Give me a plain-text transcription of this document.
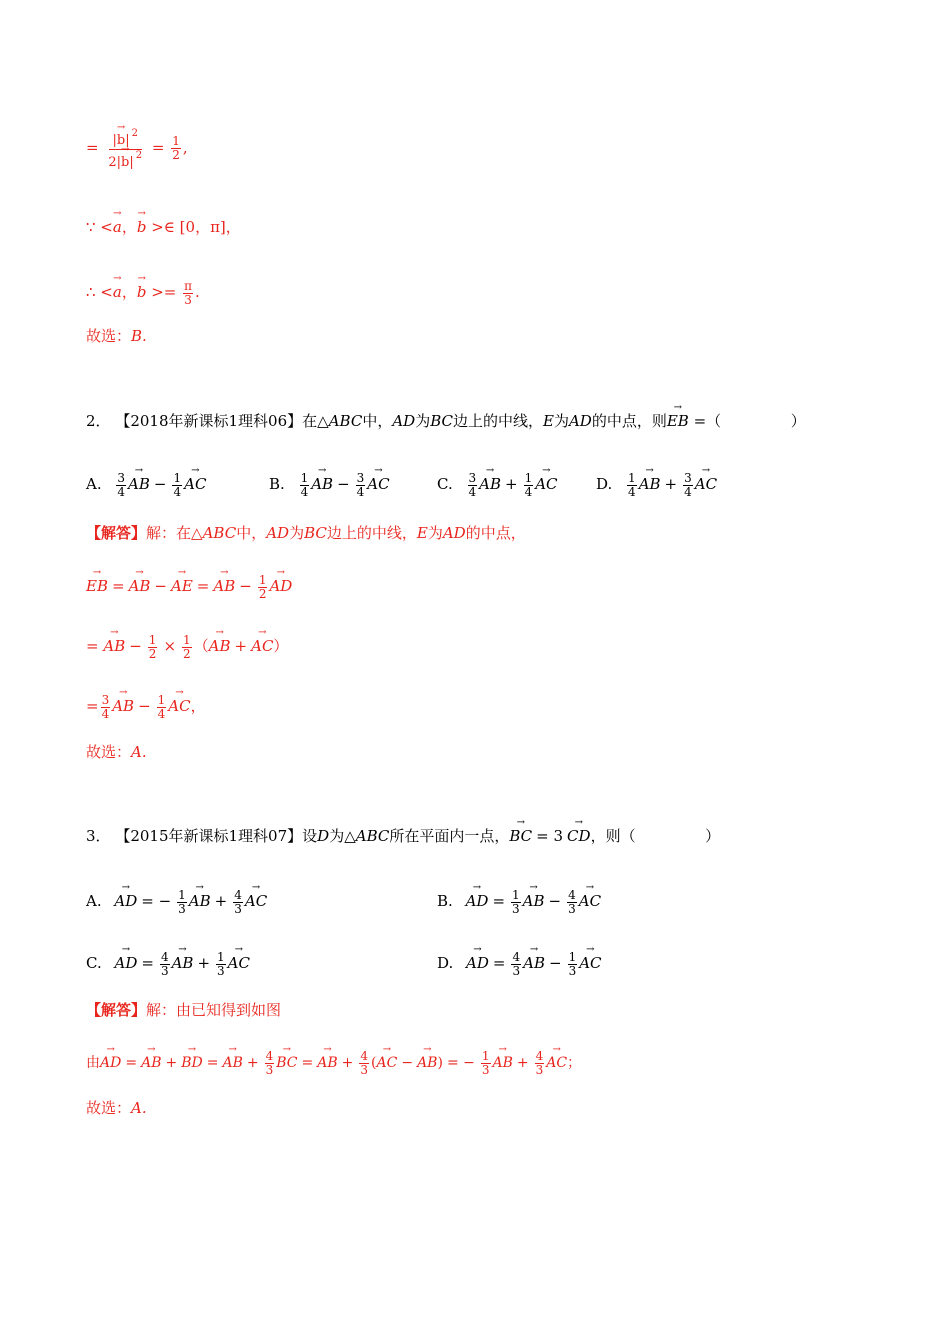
= → $\frac{|b| ^2}{2\to |b| ^2} = \frac{1}{2}$ ,
∵ <→ a，→ b >∈ [0，π]，
∴ <→ a，→ $b >= \frac{\pi}{3}$ .
故选：B.
2． 【2018年新课标1理科06】在△ABC中，AD为BC边上的中线，E为AD的中点，则→ EB =（	）
A. $\frac{3}{4}$ → AB − $\frac{1}{4}$ → AC	B. $\frac{1}{4}$ → AB − $\frac{3}{4}$ → AC	C. $\frac{3}{4}$ → AB + $\frac{1}{4}$ → AC	D. $\frac{1}{4}$ → AB + $\frac{3}{4}$ → AC
【解答】解：在△ABC中，AD为BC边上的中线，E为AD的中点，
→ EB = → AB − → AE = → AB − $\frac{1}{2}$ → AD
= → AB − $\frac{1}{2} \times \frac{1}{2}$ （→ AB + → AC）
= $\frac{3}{4}$ → AB − $\frac{1}{4}$ → AC，
故选：A.
3． 【2015年新课标1理科07】设D为△ABC所在平面内一点，→ BC = 3 → CD，则（	）
A. → AD = − $\frac{1}{3}$ → AB + $\frac{4}{3}$ → AC	B. → AD = $\frac{1}{3}$ → AB − $\frac{4}{3}$ → AC
C. → AD = $\frac{4}{3}$ → AB + $\frac{1}{3}$ → AC	D. → AD = $\frac{4}{3}$ → AB − $\frac{1}{3}$ → AC
【解答】解：由已知得到如图
由→ AD = → AB + → BD = → AB + $\frac{4}{3}$ → BC = → AB + $\frac{4}{3}$ (→ AC − → AB) = − $\frac{1}{3}$ → AB + $\frac{4}{3}$ → AC；
故选：A.
